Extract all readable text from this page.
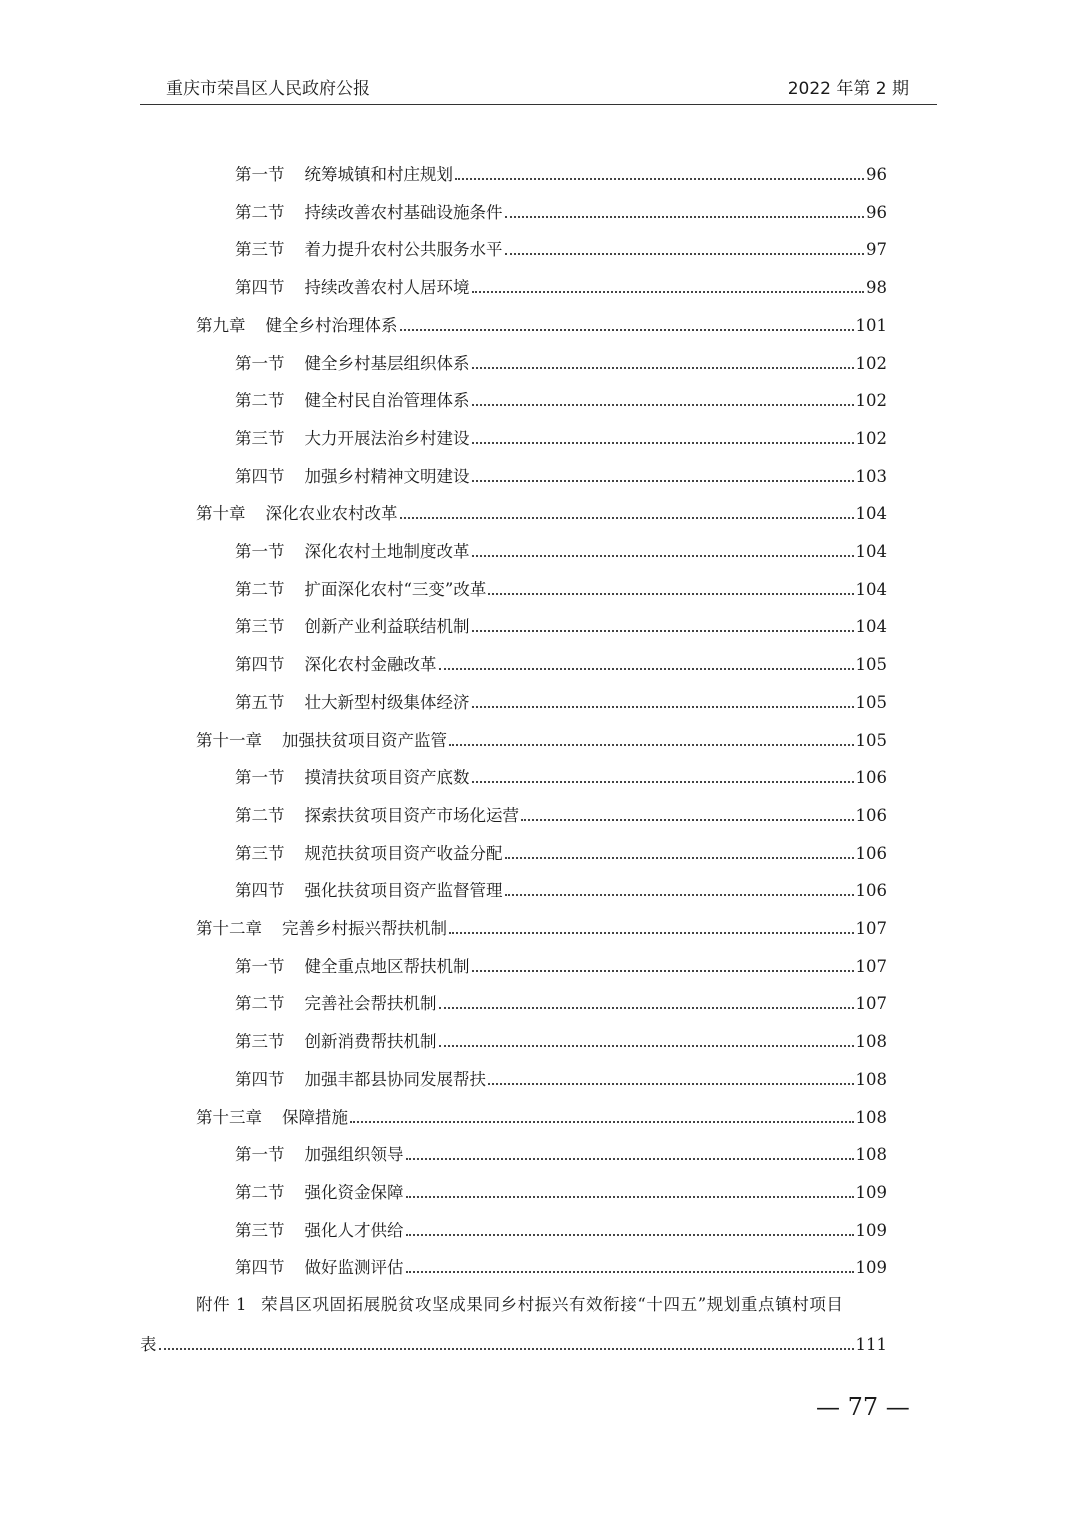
重庆市荣昌区人民政府公报	2022 年第 2 期
第一节 统筹城镇和村庄规划	96
第二节 持续改善农村基础设施条件	96
第三节 着力提升农村公共服务水平	97
第四节 持续改善农村人居环境	98
第九章 健全乡村治理体系	101
第一节 健全乡村基层组织体系	102
第二节 健全村民自治管理体系	102
第三节 大力开展法治乡村建设	102
第四节 加强乡村精神文明建设	103
第十章 深化农业农村改革	104
第一节 深化农村土地制度改革	104
第二节 扩面深化农村“三变”改革	104
第三节 创新产业利益联结机制	104
第四节 深化农村金融改革	105
第五节 壮大新型村级集体经济	105
第十一章 加强扶贫项目资产监管	105
第一节 摸清扶贫项目资产底数	106
第二节 探索扶贫项目资产市场化运营	106
第三节 规范扶贫项目资产收益分配	106
第四节 强化扶贫项目资产监督管理	106
第十二章 完善乡村振兴帮扶机制	107
第一节 健全重点地区帮扶机制	107
第二节 完善社会帮扶机制	107
第三节 创新消费帮扶机制	108
第四节 加强丰都县协同发展帮扶	108
第十三章 保障措施	108
第一节 加强组织领导	108
第二节 强化资金保障	109
第三节 强化人才供给	109
第四节 做好监测评估	109
附件 1 荣昌区巩固拓展脱贫攻坚成果同乡村振兴有效衔接“十四五”规划重点镇村项目
表	111
— 77 —
